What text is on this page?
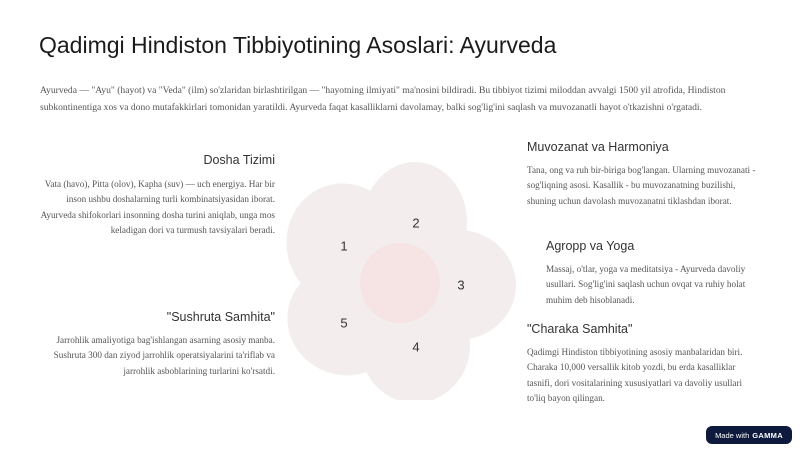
Qadimgi Hindiston Tibbiyotining Asoslari: Ayurveda
Ayurveda — "Ayu" (hayot) va "Veda" (ilm) so'zlaridan birlashtirilgan — "hayotning ilmiyati" ma'nosini bildiradi. Bu tibbiyot tizimi miloddan avvalgi 1500 yil atrofida, Hindiston subkontinentiga xos va dono mutafakkirlari tomonidan yaratildi. Ayurveda faqat kasalliklarni davolamay, balki sog'lig'ini saqlash va muvozanatli hayot o'tkazishni o'rgatadi.
1
2
3
4
5
Dosha Tizimi

Vata (havo), Pitta (olov), Kapha (suv) — uch energiya. Har bir inson ushbu doshalarning turli kombinatsiyasidan iborat. Ayurveda shifokorlari insonning dosha turini aniqlab, unga mos keladigan dori va turmush tavsiyalari beradi.

"Sushruta Samhita"

Jarrohlik amaliyotiga bag'ishlangan asarning asosiy manba. Sushruta 300 dan ziyod jarrohlik operatsiyalarini ta'riflab va jarrohlik asboblarining turlarini ko'rsatdi.

Muvozanat va Harmoniya

Tana, ong va ruh bir-biriga bog'langan. Ularning muvozanati - sog'liqning asosi. Kasallik - bu muvozanatning buzilishi, shuning uchun davolash muvozanatni tiklashdan iborat.

Agropp va Yoga

Massaj, o'tlar, yoga va meditatsiya - Ayurveda davoliy usullari. Sog'lig'ini saqlash uchun ovqat va ruhiy holat muhim deb hisoblanadi.

"Charaka Samhita"

Qadimgi Hindiston tibbiyotining asosiy manbalaridan biri. Charaka 10,000 versallik kitob yozdi, bu erda kasalliklar tasnifi, dori vositalarining xususiyatlari va davoliy usullari to'liq bayon qilingan.

Made with GAMMA
